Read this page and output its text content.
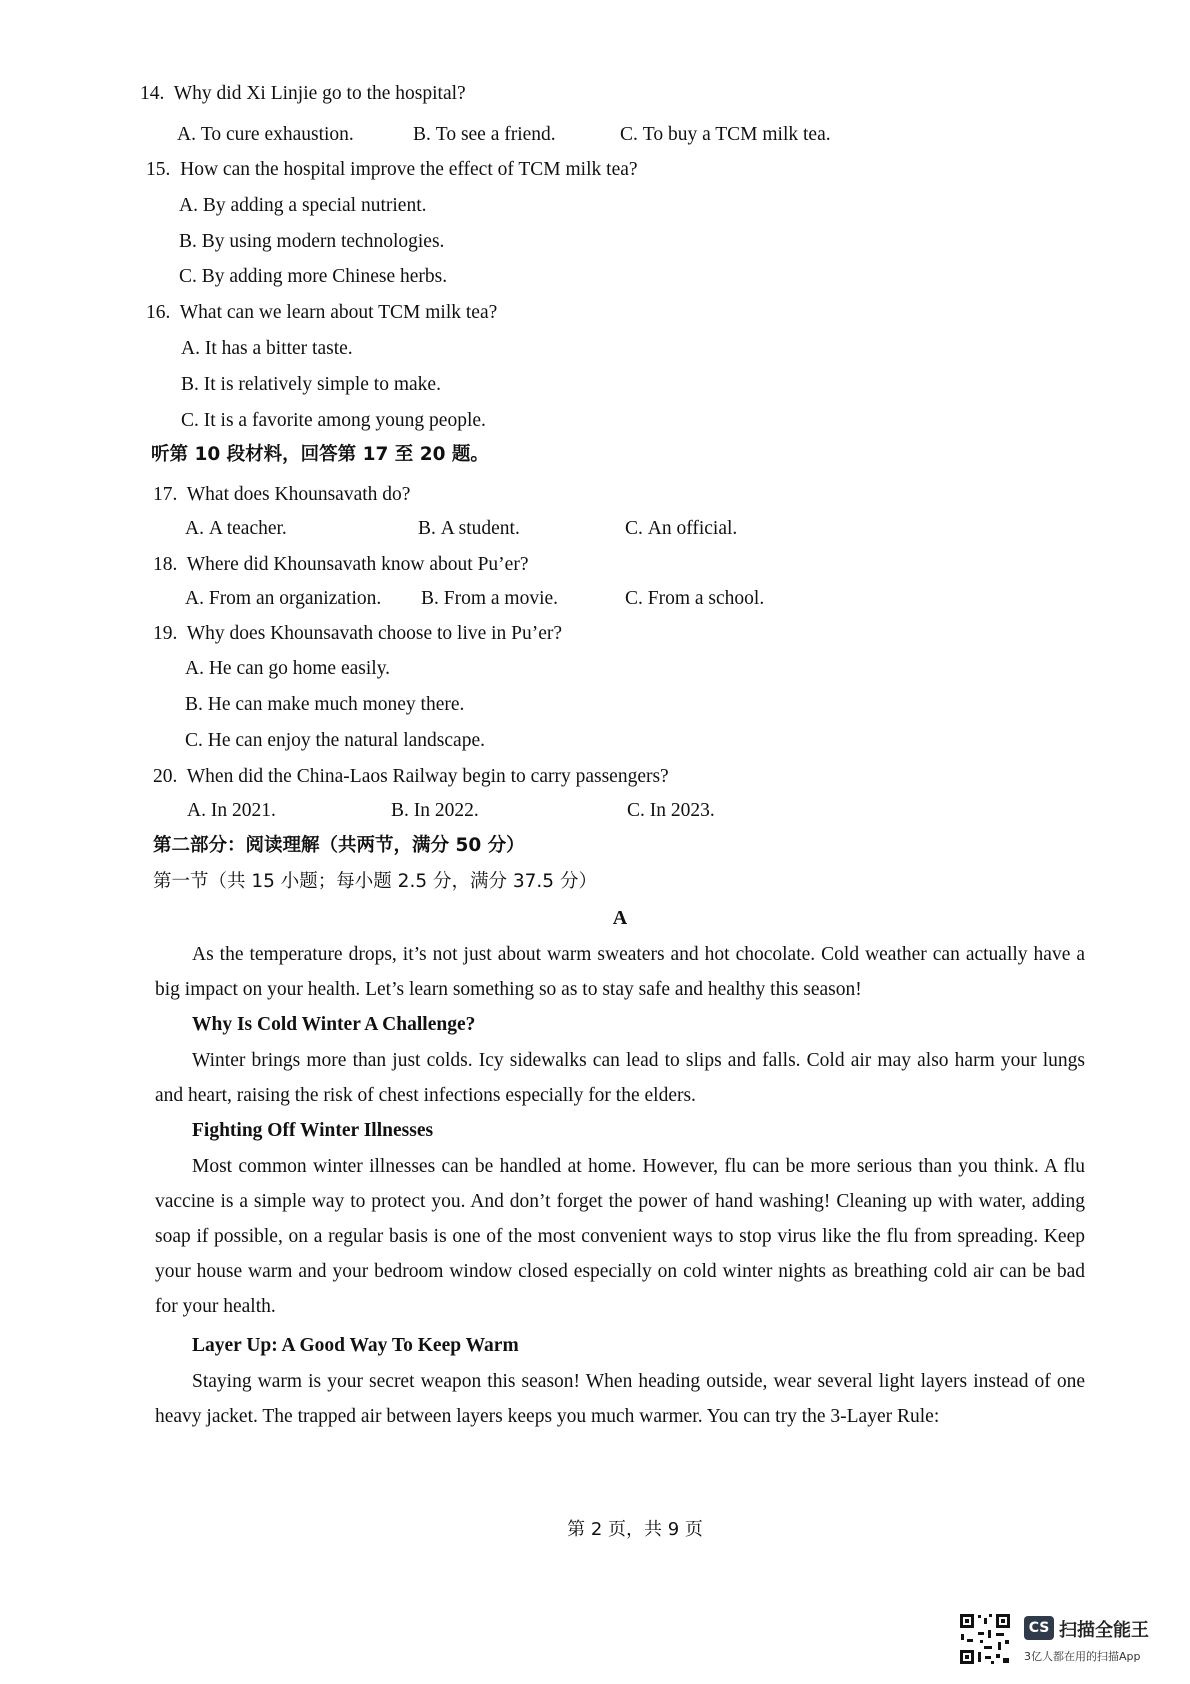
14. Why did Xi Linjie go to the hospital?
A. To cure exhaustion.	B. To see a friend.	C. To buy a TCM milk tea.
15. How can the hospital improve the effect of TCM milk tea?
A. By adding a special nutrient.
B. By using modern technologies.
C. By adding more Chinese herbs.
16. What can we learn about TCM milk tea?
A. It has a bitter taste.
B. It is relatively simple to make.
C. It is a favorite among young people.
听第 10 段材料，回答第 17 至 20 题。
17. What does Khounsavath do?
A. A teacher.	B. A student.	C. An official.
18. Where did Khounsavath know about Pu’er?
A. From an organization. B. From a movie.	C. From a school.
19. Why does Khounsavath choose to live in Pu’er?
A. He can go home easily.
B. He can make much money there.
C. He can enjoy the natural landscape.
20. When did the China-Laos Railway begin to carry passengers?
A. In 2021.	B. In 2022.	C. In 2023.
第二部分：阅读理解（共两节，满分 50 分）
第一节（共 15 小题；每小题 2.5 分，满分 37.5 分）
A
As the temperature drops, it’s not just about warm sweaters and hot chocolate. Cold weather can actually have a big impact on your health. Let’s learn something so as to stay safe and healthy this season!
Why Is Cold Winter A Challenge?
Winter brings more than just colds. Icy sidewalks can lead to slips and falls. Cold air may also harm your lungs and heart, raising the risk of chest infections especially for the elders.
Fighting Off Winter Illnesses
Most common winter illnesses can be handled at home. However, flu can be more serious than you think. A flu vaccine is a simple way to protect you. And don’t forget the power of hand washing! Cleaning up with water, adding soap if possible, on a regular basis is one of the most convenient ways to stop virus like the flu from spreading. Keep your house warm and your bedroom window closed especially on cold winter nights as breathing cold air can be bad for your health.
Layer Up: A Good Way To Keep Warm
Staying warm is your secret weapon this season! When heading outside, wear several light layers instead of one heavy jacket. The trapped air between layers keeps you much warmer. You can try the 3-Layer Rule:
第 2 页，共 9 页
CS 扫描全能王
3亿人都在用的扫描App
